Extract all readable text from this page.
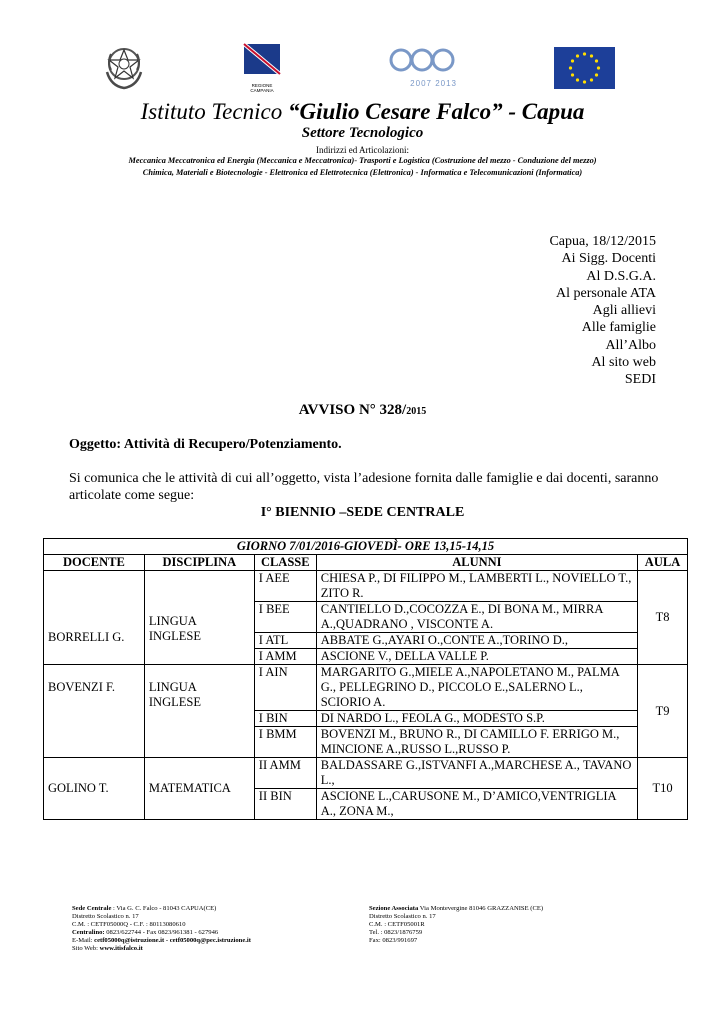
REGIONE CAMPANIA
2007 2013
Istituto Tecnico “Giulio Cesare Falco” - Capua
Settore Tecnologico
Indirizzi ed Articolazioni:
Meccanica Meccatronica ed Energia (Meccanica e Meccatronica)- Trasporti e Logistica (Costruzione del mezzo - Conduzione del mezzo)
Chimica, Materiali e Biotecnologie - Elettronica ed Elettrotecnica (Elettronica) - Informatica e Telecomunicazioni (Informatica)
Capua, 18/12/2015
Ai Sigg. Docenti
Al D.S.G.A.
Al personale ATA
Agli allievi
Alle famiglie
All’Albo
Al sito web
SEDI
AVVISO N° 328/2015
Oggetto: Attività di Recupero/Potenziamento.
Si comunica che le attività di cui all’oggetto, vista l’adesione fornita dalle famiglie e dai docenti, saranno articolate come segue:
I° BIENNIO –SEDE CENTRALE
GIORNO 7/01/2016-GIOVEDÌ- ORE 13,15-14,15				
DOCENTE	DISCIPLINA	CLASSE	ALUNNI	AULA
BORRELLI G.	LINGUA INGLESE	I AEE	CHIESA P., DI FILIPPO M., LAMBERTI L., NOVIELLO T., ZITO R.	T8
		I BEE	CANTIELLO D.,COCOZZA E., DI BONA M., MIRRA A.,QUADRANO , VISCONTE A.	
		I ATL	ABBATE G.,AYARI O.,CONTE A.,TORINO D.,	
		I AMM	ASCIONE V., DELLA VALLE P.	
BOVENZI F.	LINGUA INGLESE	I AIN	MARGARITO G.,MIELE A.,NAPOLETANO M., PALMA G., PELLEGRINO D., PICCOLO E.,SALERNO L., SCIORIO A.	T9
		I BIN	DI NARDO L., FEOLA G., MODESTO S.P.	
		I BMM	BOVENZI M., BRUNO R., DI CAMILLO F. ERRIGO M., MINCIONE A.,RUSSO L.,RUSSO P.	
GOLINO T.	MATEMATICA	II AMM	BALDASSARE G.,ISTVANFI A.,MARCHESE A., TAVANO L.,	T10
		II BIN	ASCIONE L.,CARUSONE M., D’AMICO,VENTRIGLIA A., ZONA M.,	
Sede Centrale : Via G. C. Falco - 81043 CAPUA(CE)
Distretto Scolastico n. 17
C.M. : CETF05000Q - C.F. : 80113080610
Centralino: 0823/622744 - Fax 0823/961381 - 627946
E-Mail: cetf05000q@istruzione.it - cetf05000q@pec.istruzione.it
Sito Web: www.itisfalco.it
Sezione Associata Via Montevergine 81046 GRAZZANISE (CE)
Distretto Scolastico n. 17
C.M. : CETF05001R
Tel. : 0823/1876759
Fax: 0823/991697
